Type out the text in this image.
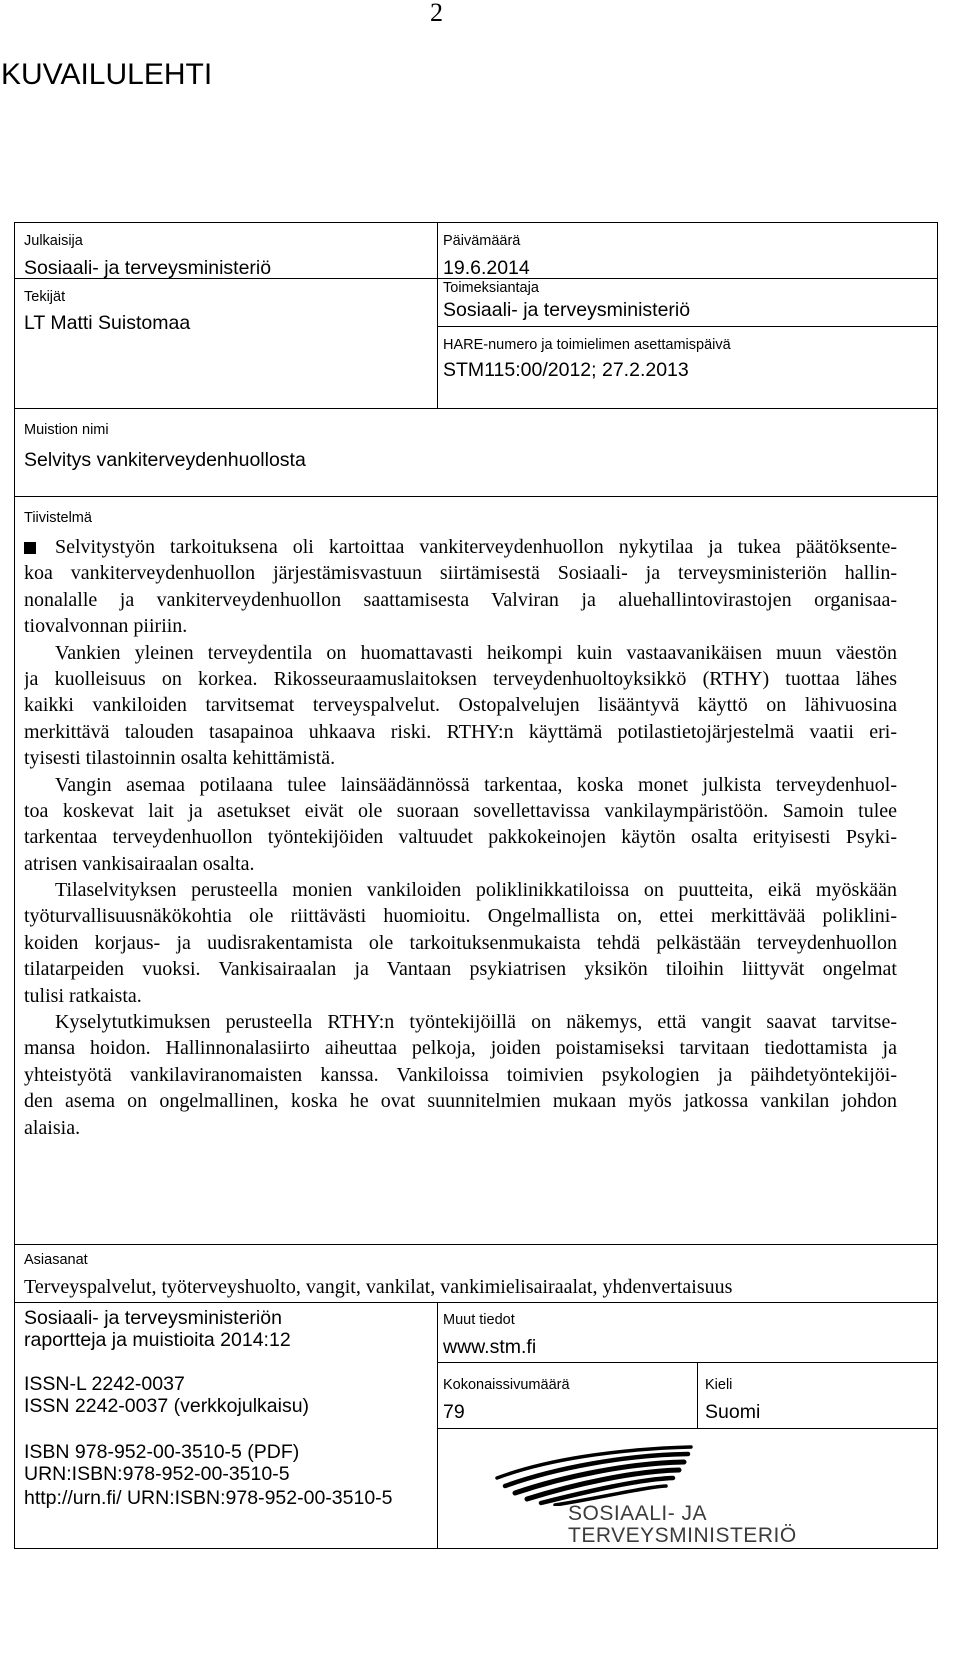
2
KUVAILULEHTI
Julkaisija
Sosiaali- ja terveysministeriö
Tekijät
LT Matti Suistomaa
Päivämäärä
19.6.2014
Toimeksiantaja
Sosiaali- ja terveysministeriö
HARE-numero ja toimielimen asettamispäivä
STM115:00/2012; 27.2.2013
Muistion nimi
Selvitys vankiterveydenhuollosta
Tiivistelmä
Selvitystyön tarkoituksena oli kartoittaa vankiterveydenhuollon nykytilaa ja tukea päätöksente-
koa vankiterveydenhuollon järjestämisvastuun siirtämisestä Sosiaali- ja terveysministeriön hallin-
nonalalle ja vankiterveydenhuollon saattamisesta Valviran ja aluehallintovirastojen organisaa-
tiovalvonnan piiriin.
Vankien yleinen terveydentila on huomattavasti heikompi kuin vastaavanikäisen muun väestön
ja kuolleisuus on korkea. Rikosseuraamuslaitoksen terveydenhuoltoyksikkö (RTHY) tuottaa lähes
kaikki vankiloiden tarvitsemat terveyspalvelut. Ostopalvelujen lisääntyvä käyttö on lähivuosina
merkittävä talouden tasapainoa uhkaava riski. RTHY:n käyttämä potilastietojärjestelmä vaatii eri-
tyisesti tilastoinnin osalta kehittämistä.
Vangin asemaa potilaana tulee lainsäädännössä tarkentaa, koska monet julkista terveydenhuol-
toa koskevat lait ja asetukset eivät ole suoraan sovellettavissa vankilaympäristöön. Samoin tulee
tarkentaa terveydenhuollon työntekijöiden valtuudet pakkokeinojen käytön osalta erityisesti Psyki-
atrisen vankisairaalan osalta.
Tilaselvityksen perusteella monien vankiloiden poliklinikkatiloissa on puutteita, eikä myöskään
työturvallisuusnäkökohtia ole riittävästi huomioitu. Ongelmallista on, ettei merkittävää poliklini-
koiden korjaus- ja uudisrakentamista ole tarkoituksenmukaista tehdä pelkästään terveydenhuollon
tilatarpeiden vuoksi. Vankisairaalan ja Vantaan psykiatrisen yksikön tiloihin liittyvät ongelmat
tulisi ratkaista.
Kyselytutkimuksen perusteella RTHY:n työntekijöillä on näkemys, että vangit saavat tarvitse-
mansa hoidon. Hallinnonalasiirto aiheuttaa pelkoja, joiden poistamiseksi tarvitaan tiedottamista ja
yhteistyötä vankilaviranomaisten kanssa. Vankiloissa toimivien psykologien ja päihdetyöntekijöi-
den asema on ongelmallinen, koska he ovat suunnitelmien mukaan myös jatkossa vankilan johdon
alaisia.
Asiasanat
Terveyspalvelut, työterveyshuolto, vangit, vankilat, vankimielisairaalat, yhdenvertaisuus
Sosiaali- ja terveysministeriön
raportteja ja muistioita 2014:12
ISSN-L 2242-0037
ISSN 2242-0037 (verkkojulkaisu)
ISBN 978-952-00-3510-5 (PDF)
URN:ISBN:978-952-00-3510-5
http://urn.fi/ URN:ISBN:978-952-00-3510-5
Muut tiedot
www.stm.fi
Kokonaissivumäärä
79
Kieli
Suomi
SOSIAALI- JA
TERVEYSMINISTERIÖ
